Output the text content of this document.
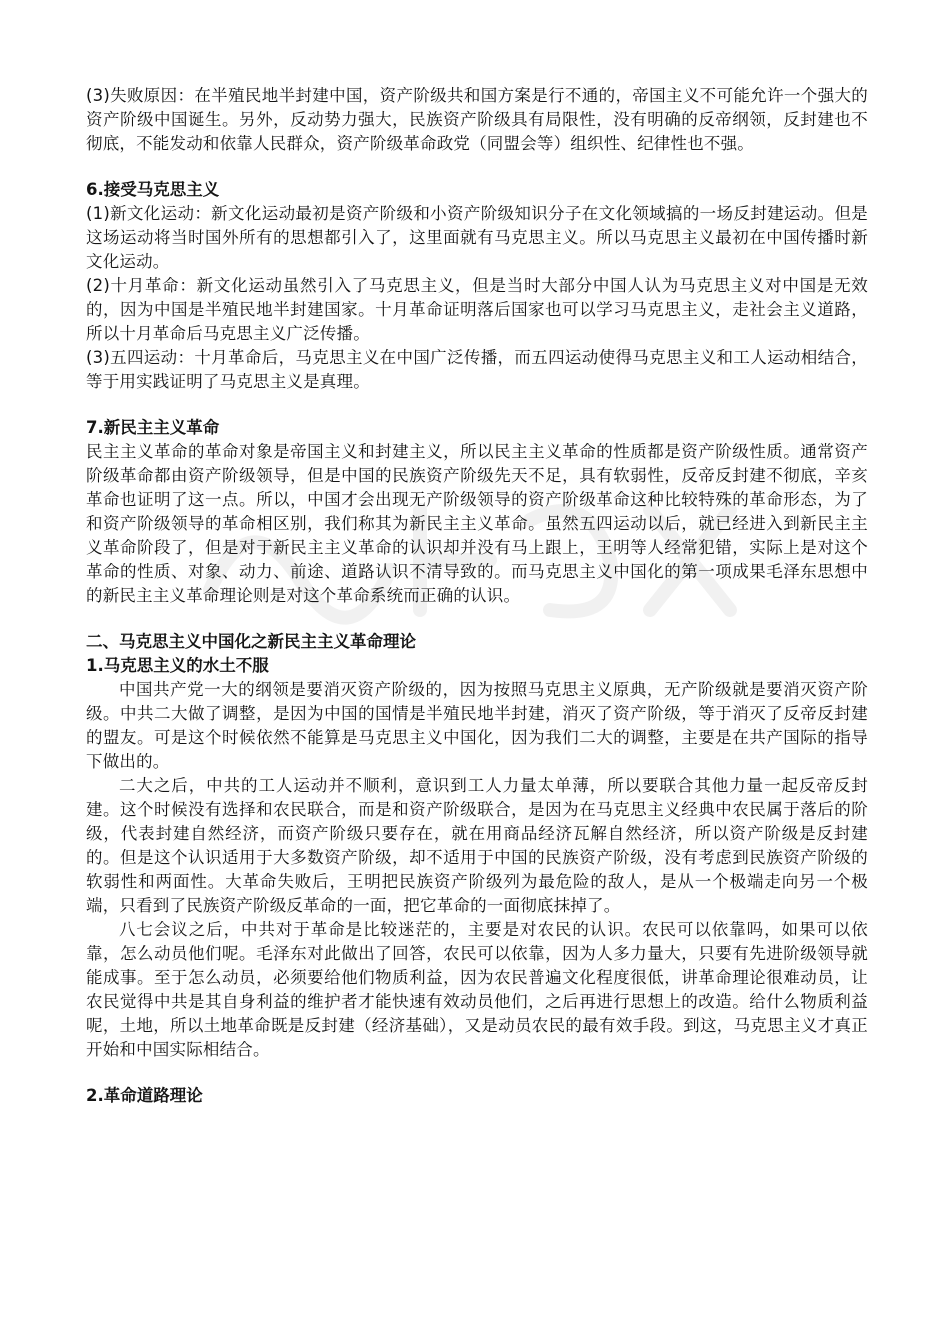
(3)失败原因：在半殖民地半封建中国，资产阶级共和国方案是行不通的，帝国主义不可能允许一个强大的资产阶级中国诞生。另外，反动势力强大，民族资产阶级具有局限性，没有明确的反帝纲领，反封建也不彻底，不能发动和依靠人民群众，资产阶级革命政党（同盟会等）组织性、纪律性也不强。

6.接受马克思主义

(1)新文化运动：新文化运动最初是资产阶级和小资产阶级知识分子在文化领域搞的一场反封建运动。但是这场运动将当时国外所有的思想都引入了，这里面就有马克思主义。所以马克思主义最初在中国传播时新文化运动。

(2)十月革命：新文化运动虽然引入了马克思主义，但是当时大部分中国人认为马克思主义对中国是无效的，因为中国是半殖民地半封建国家。十月革命证明落后国家也可以学习马克思主义，走社会主义道路，所以十月革命后马克思主义广泛传播。

(3)五四运动：十月革命后，马克思主义在中国广泛传播，而五四运动使得马克思主义和工人运动相结合，等于用实践证明了马克思主义是真理。

7.新民主主义革命

民主主义革命的革命对象是帝国主义和封建主义，所以民主主义革命的性质都是资产阶级性质。通常资产阶级革命都由资产阶级领导，但是中国的民族资产阶级先天不足，具有软弱性，反帝反封建不彻底，辛亥革命也证明了这一点。所以，中国才会出现无产阶级领导的资产阶级革命这种比较特殊的革命形态，为了和资产阶级领导的革命相区别，我们称其为新民主主义革命。虽然五四运动以后，就已经进入到新民主主义革命阶段了，但是对于新民主主义革命的认识却并没有马上跟上，王明等人经常犯错，实际上是对这个革命的性质、对象、动力、前途、道路认识不清导致的。而马克思主义中国化的第一项成果毛泽东思想中的新民主主义革命理论则是对这个革命系统而正确的认识。

二、马克思主义中国化之新民主主义革命理论

1.马克思主义的水土不服

中国共产党一大的纲领是要消灭资产阶级的，因为按照马克思主义原典，无产阶级就是要消灭资产阶级。中共二大做了调整，是因为中国的国情是半殖民地半封建，消灭了资产阶级，等于消灭了反帝反封建的盟友。可是这个时候依然不能算是马克思主义中国化，因为我们二大的调整，主要是在共产国际的指导下做出的。

二大之后，中共的工人运动并不顺利，意识到工人力量太单薄，所以要联合其他力量一起反帝反封建。这个时候没有选择和农民联合，而是和资产阶级联合，是因为在马克思主义经典中农民属于落后的阶级，代表封建自然经济，而资产阶级只要存在，就在用商品经济瓦解自然经济，所以资产阶级是反封建的。但是这个认识适用于大多数资产阶级，却不适用于中国的民族资产阶级，没有考虑到民族资产阶级的软弱性和两面性。大革命失败后，王明把民族资产阶级列为最危险的敌人，是从一个极端走向另一个极端，只看到了民族资产阶级反革命的一面，把它革命的一面彻底抹掉了。

八七会议之后，中共对于革命是比较迷茫的，主要是对农民的认识。农民可以依靠吗，如果可以依靠，怎么动员他们呢。毛泽东对此做出了回答，农民可以依靠，因为人多力量大，只要有先进阶级领导就能成事。至于怎么动员，必须要给他们物质利益，因为农民普遍文化程度很低，讲革命理论很难动员，让农民觉得中共是其自身利益的维护者才能快速有效动员他们，之后再进行思想上的改造。给什么物质利益呢，土地，所以土地革命既是反封建（经济基础），又是动员农民的最有效手段。到这，马克思主义才真正开始和中国实际相结合。

2.革命道路理论
